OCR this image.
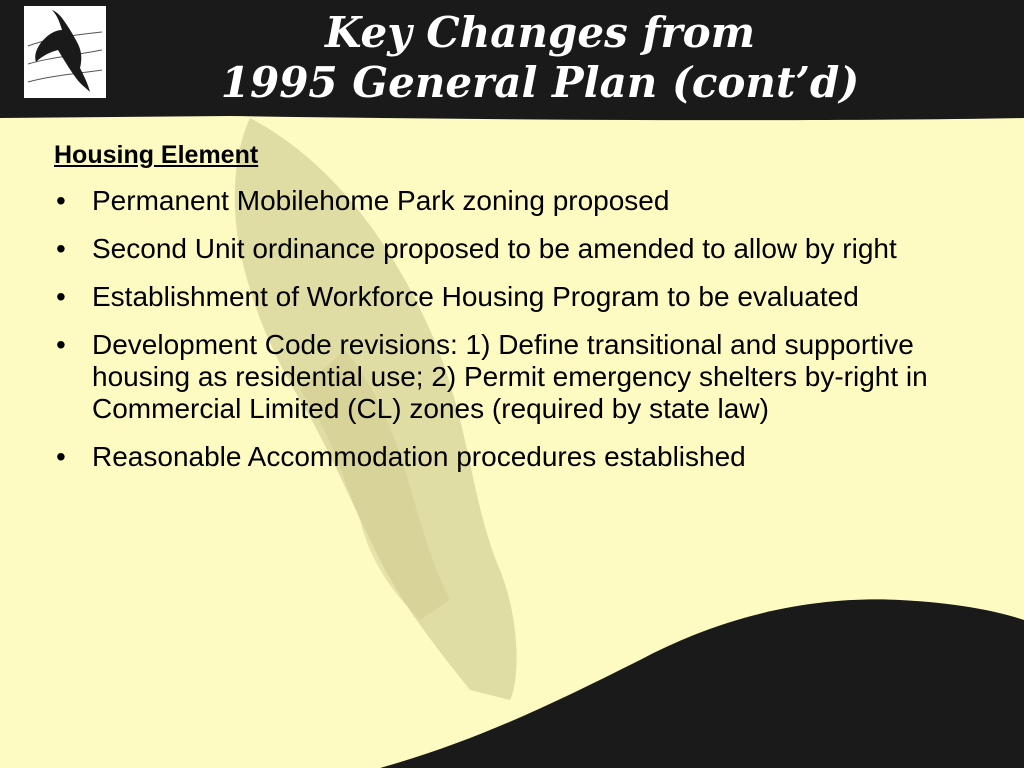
Key Changes from
1995 General Plan (cont’d)
Housing Element
• Permanent Mobilehome Park zoning proposed
• Second Unit ordinance proposed to be amended to allow by right
• Establishment of Workforce Housing Program to be evaluated
• Development Code revisions: 1) Define transitional and supportive housing as residential use; 2) Permit emergency shelters by-right in Commercial Limited (CL) zones (required by state law)
• Reasonable Accommodation procedures established
